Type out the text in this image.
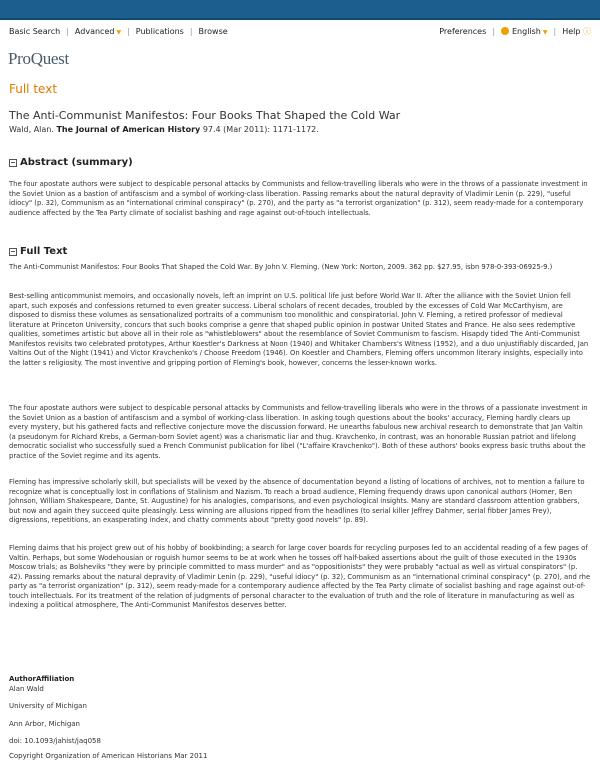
Basic Search | Advanced ▼ | Publications | Browse	Preferences |	English ▼ | Help ⓘ
ProQuest
Full text
The Anti-Communist Manifestos: Four Books That Shaped the Cold War
Wald, Alan. The Journal of American History 97.4 (Mar 2011): 1171-1172.
Abstract (summary)

The four apostate authors were subject to despicable personal attacks by Communists and fellow-travelling liberals who were in the throws of a passionate investment in the Soviet Union as a bastion of antifascism and a symbol of working-class liberation. Passing remarks about the natural depravity of Vladimir Lenin (p. 229), "useful idiocy" (p. 32), Communism as an "international criminal conspiracy" (p. 270), and the party as "a terrorist organization" (p. 312), seem ready-made for a contemporary audience affected by the Tea Party climate of socialist bashing and rage against out-of-touch intellectuals.

Full Text

The Anti-Communist Manifestos: Four Books That Shaped the Cold War. By John V. Fleming. (New York: Norton, 2009. 362 pp. $27.95, isbn 978-0-393-06925-9.)

Best-selling anticommunist memoirs, and occasionally novels, left an imprint on U.S. political life just before World War II. After the alliance with the Soviet Union fell apart, such exposés and confessions returned to even greater success. Liberal scholars of recent decades, troubled by the excesses of Cold War McCarthyism, are disposed to dismiss these volumes as sensationalized portraits of a communism too monolithic and conspiratorial. John V. Fleming, a retired professor of medieval literature at Princeton University, concurs that such books comprise a genre that shaped public opinion in postwar United States and France. He also sees redemptive qualities, sometimes artistic but above all in their role as "whistleblowers" about the resemblance of Soviet Communism to fascism. Hisapdy tided The Anti-Communist Manifestos revisits two celebrated prototypes, Arthur Koestler's Darkness at Noon (1940) and Whitaker Chambers's Witness (1952), and a duo unjustifiably discarded, Jan Valtins Out of the Night (1941) and Victor Kravchenko's / Choose Freedom (1946). On Koestler and Chambers, Fleming offers uncommon literary insights, especially into the latter s religiosity. The most inventive and gripping portion of Fleming's book, however, concerns the lesser-known works.

The four apostate authors were subject to despicable personal attacks by Communists and fellow-travelling liberals who were in the throws of a passionate investment in the Soviet Union as a bastion of antifascism and a symbol of working-class liberation. In asking tough questions about the books' accuracy, Fleming hardly clears up every mystery, but his gathered facts and reflective conjecture move the discussion forward. He unearths fabulous new archival research to demonstrate that Jan Valtin (a pseudonym for Richard Krebs, a German-born Soviet agent) was a charismatic liar and thug. Kravchenko, in contrast, was an honorable Russian patriot and lifelong democratic socialist who successfully sued a French Communist publication for libel ("L'affaire Kravchenko"). Both of these authors' books express basic truths about the practice of the Soviet regime and its agents.

Fleming has impressive scholarly skill, but specialists will be vexed by the absence of documentation beyond a listing of locations of archives, not to mention a failure to recognize what is conceptually lost in conflations of Stalinism and Nazism. To reach a broad audience, Fleming frequendy draws upon canonical authors (Homer, Ben Johnson, William Shakespeare, Dante, St. Augustine) for his analogies, comparisons, and even psychological insights. Many are standard classroom attention grabbers, but now and again they succeed quite pleasingly. Less winning are allusions ripped from the headlines (to serial killer Jeffrey Dahmer, serial fibber James Frey), digressions, repetitions, an exasperating index, and chatty comments about "pretty good novels" (p. 89).

Fleming daims that his project grew out of his hobby of bookbinding; a search for large cover boards for recycling purposes led to an accidental reading of a few pages of Valtin. Perhaps, but some Wodehousian or roguish humor seems to be at work when he tosses off half-baked assertions about rhe guilt of those executed in the 1930s Moscow trials; as Bolsheviks "they were by principle committed to mass murder" and as "oppositionists" they were probably "actual as well as virtual conspirators" (p. 42). Passing remarks about the natural depravity of Vladimir Lenin (p. 229), "useful idiocy" (p. 32), Communism as an "international criminal conspiracy" (p. 270), and rhe party as "a terrorist organization" (p. 312), seem ready-made for a contemporary audience affected by the Tea Party climate of socialist bashing and rage against out-of-touch intellectuals. For its treatment of the relation of judgments of personal character to the evaluation of truth and the role of literature in manufacturing as well as indexing a political atmosphere, The Anti-Communist Manifestos deserves better.

AuthorAffiliation
Alan Wald
University of Michigan
Ann Arbor, Michigan
doi: 10.1093/jahist/jaq058
Copyright Organization of American Historians Mar 2011
